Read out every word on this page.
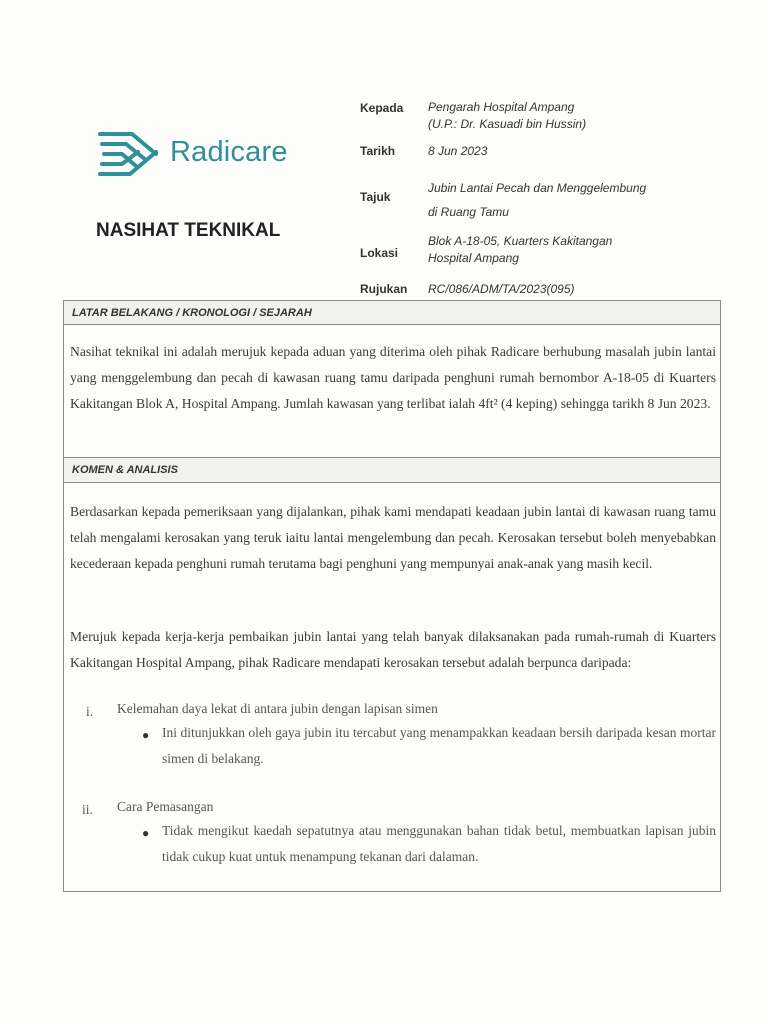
Radicare
NASIHAT TEKNIKAL
Kepada Pengarah Hospital Ampang
(U.P.: Dr. Kasuadi bin Hussin)
Tarikh	8 Jun 2023
Tajuk
Jubin Lantai Pecah dan Menggelembung
di Ruang Tamu
Lokasi
Blok A-18-05, Kuarters Kakitangan
Hospital Ampang
Rujukan RC/086/ADM/TA/2023(095)
LATAR BELAKANG / KRONOLOGI / SEJARAH
Nasihat teknikal ini adalah merujuk kepada aduan yang diterima oleh pihak Radicare berhubung masalah jubin lantai yang menggelembung dan pecah di kawasan ruang tamu daripada penghuni rumah bernombor A-18-05 di Kuarters Kakitangan Blok A, Hospital Ampang. Jumlah kawasan yang terlibat ialah 4ft² (4 keping) sehingga tarikh 8 Jun 2023.
KOMEN & ANALISIS
Berdasarkan kepada pemeriksaan yang dijalankan, pihak kami mendapati keadaan jubin lantai di kawasan ruang tamu telah mengalami kerosakan yang teruk iaitu lantai mengelembung dan pecah. Kerosakan tersebut boleh menyebabkan kecederaan kepada penghuni rumah terutama bagi penghuni yang mempunyai anak-anak yang masih kecil.
Merujuk kepada kerja-kerja pembaikan jubin lantai yang telah banyak dilaksanakan pada rumah-rumah di Kuarters Kakitangan Hospital Ampang, pihak Radicare mendapati kerosakan tersebut adalah berpunca daripada:
i. Kelemahan daya lekat di antara jubin dengan lapisan simen
● Ini ditunjukkan oleh gaya jubin itu tercabut yang menampakkan keadaan bersih daripada kesan mortar simen di belakang.
ii. Cara Pemasangan
● Tidak mengikut kaedah sepatutnya atau menggunakan bahan tidak betul, membuatkan lapisan jubin tidak cukup kuat untuk menampung tekanan dari dalaman.
